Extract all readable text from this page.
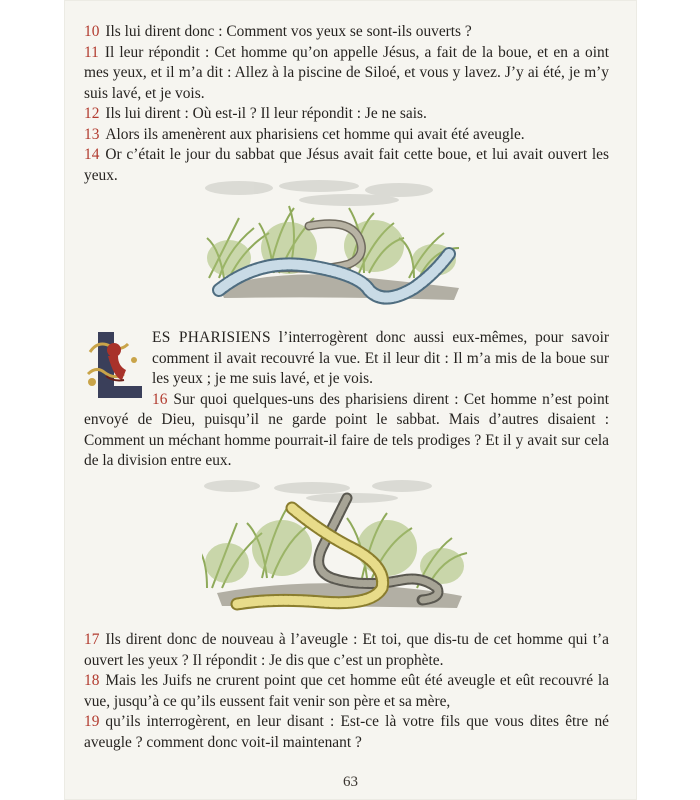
10 Ils lui dirent donc : Comment vos yeux se sont-ils ouverts ?

11 Il leur répondit : Cet homme qu’on appelle Jésus, a fait de la boue, et en a oint mes yeux, et il m’a dit : Allez à la piscine de Siloé, et vous y lavez. J’y ai été, je m’y suis lavé, et je vois.

12 Ils lui dirent : Où est-il ? Il leur répondit : Je ne sais.

13 Alors ils amenèrent aux pharisiens cet homme qui avait été aveugle.

14 Or c’était le jour du sabbat que Jésus avait fait cette boue, et lui avait ouvert les yeux.

ES PHARISIENS l’interrogèrent donc aussi eux-mêmes, pour savoir comment il avait recouvré la vue. Et il leur dit : Il m’a mis de la boue sur les yeux ; je me suis lavé, et je vois.

16 Sur quoi quelques-uns des pharisiens dirent : Cet homme n’est point envoyé de Dieu, puisqu’il ne garde point le sabbat. Mais d’autres disaient : Comment un méchant homme pourrait-il faire de tels prodiges ? Et il y avait sur cela de la division entre eux.

17 Ils dirent donc de nouveau à l’aveugle : Et toi, que dis-tu de cet homme qui t’a ouvert les yeux ? Il répondit : Je dis que c’est un prophète.

18 Mais les Juifs ne crurent point que cet homme eût été aveugle et eût recouvré la vue, jusqu’à ce qu’ils eussent fait venir son père et sa mère,

19 qu’ils interrogèrent, en leur disant : Est-ce là votre fils que vous dites être né aveugle ? comment donc voit-il maintenant ?

63
